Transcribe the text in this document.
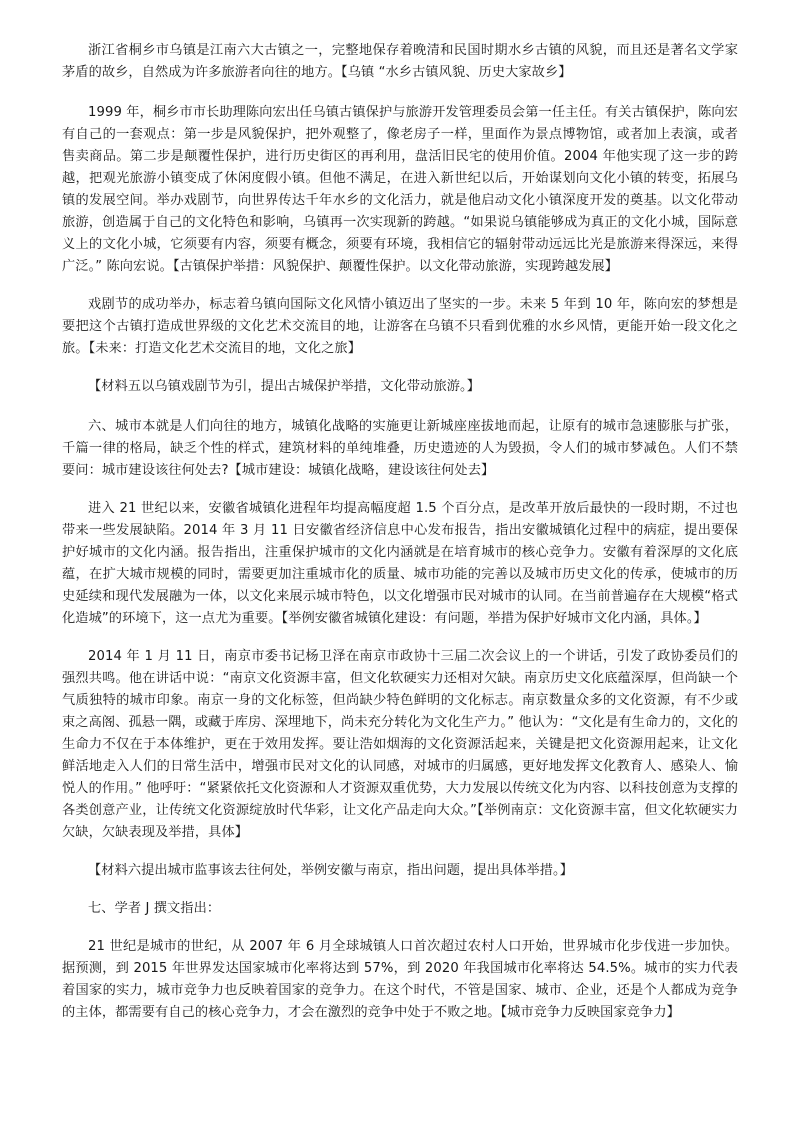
浙江省桐乡市乌镇是江南六大古镇之一，完整地保存着晚清和民国时期水乡古镇的风貌，而且还是著名文学家茅盾的故乡，自然成为许多旅游者向往的地方。【乌镇 “水乡古镇风貌、历史大家故乡】

1999 年，桐乡市市长助理陈向宏出任乌镇古镇保护与旅游开发管理委员会第一任主任。有关古镇保护，陈向宏有自己的一套观点：第一步是风貌保护，把外观整了，像老房子一样，里面作为景点博物馆，或者加上表演，或者售卖商品。第二步是颠覆性保护，进行历史街区的再利用，盘活旧民宅的使用价值。2004 年他实现了这一步的跨越，把观光旅游小镇变成了休闲度假小镇。但他不满足，在进入新世纪以后，开始谋划向文化小镇的转变，拓展乌镇的发展空间。举办戏剧节，向世界传达千年水乡的文化活力，就是他启动文化小镇深度开发的奠基。以文化带动旅游，创造属于自己的文化特色和影响，乌镇再一次实现新的跨越。“如果说乌镇能够成为真正的文化小城，国际意义上的文化小城，它须要有内容，须要有概念，须要有环境，我相信它的辐射带动远远比光是旅游来得深远，来得广泛。” 陈向宏说。【古镇保护举措：风貌保护、颠覆性保护。以文化带动旅游，实现跨越发展】

戏剧节的成功举办，标志着乌镇向国际文化风情小镇迈出了坚实的一步。未来 5 年到 10 年，陈向宏的梦想是要把这个古镇打造成世界级的文化艺术交流目的地，让游客在乌镇不只看到优雅的水乡风情，更能开始一段文化之旅。【未来：打造文化艺术交流目的地，文化之旅】

【材料五以乌镇戏剧节为引，提出古城保护举措，文化带动旅游。】

六、城市本就是人们向往的地方，城镇化战略的实施更让新城座座拔地而起，让原有的城市急速膨胀与扩张，千篇一律的格局，缺乏个性的样式，建筑材料的单纯堆叠，历史遗迹的人为毁损，令人们的城市梦减色。人们不禁要问：城市建设该往何处去?【城市建设：城镇化战略，建设该往何处去】

进入 21 世纪以来，安徽省城镇化进程年均提高幅度超 1.5 个百分点，是改革开放后最快的一段时期，不过也带来一些发展缺陷。2014 年 3 月 11 日安徽省经济信息中心发布报告，指出安徽城镇化过程中的病症，提出要保护好城市的文化内涵。报告指出，注重保护城市的文化内涵就是在培育城市的核心竞争力。安徽有着深厚的文化底蕴，在扩大城市规模的同时，需要更加注重城市化的质量、城市功能的完善以及城市历史文化的传承，使城市的历史延续和现代发展融为一体，以文化来展示城市特色，以文化增强市民对城市的认同。在当前普遍存在大规模“格式化造城”的环境下，这一点尤为重要。【举例安徽省城镇化建设：有问题，举措为保护好城市文化内涵，具体。】

2014 年 1 月 11 日，南京市委书记杨卫泽在南京市政协十三届二次会议上的一个讲话，引发了政协委员们的强烈共鸣。他在讲话中说：“南京文化资源丰富，但文化软硬实力还相对欠缺。南京历史文化底蕴深厚，但尚缺一个气质独特的城市印象。南京一身的文化标签，但尚缺少特色鲜明的文化标志。南京数量众多的文化资源，有不少或束之高阁、孤悬一隅，或藏于库房、深埋地下，尚未充分转化为文化生产力。” 他认为：“文化是有生命力的，文化的生命力不仅在于本体维护，更在于效用发挥。要让浩如烟海的文化资源活起来，关键是把文化资源用起来，让文化鲜活地走入人们的日常生活中，增强市民对文化的认同感，对城市的归属感，更好地发挥文化教育人、感染人、愉悦人的作用。” 他呼吁：“紧紧依托文化资源和人才资源双重优势，大力发展以传统文化为内容、以科技创意为支撑的各类创意产业，让传统文化资源绽放时代华彩，让文化产品走向大众。”【举例南京：文化资源丰富，但文化软硬实力欠缺，欠缺表现及举措，具体】

【材料六提出城市监事该去往何处，举例安徽与南京，指出问题，提出具体举措。】

七、学者 J 撰文指出：

21 世纪是城市的世纪，从 2007 年 6 月全球城镇人口首次超过农村人口开始，世界城市化步伐进一步加快。据预测，到 2015 年世界发达国家城市化率将达到 57%，到 2020 年我国城市化率将达 54.5%。城市的实力代表着国家的实力，城市竞争力也反映着国家的竞争力。在这个时代，不管是国家、城市、企业，还是个人都成为竞争的主体，都需要有自己的核心竞争力，才会在激烈的竞争中处于不败之地。【城市竞争力反映国家竞争力】
